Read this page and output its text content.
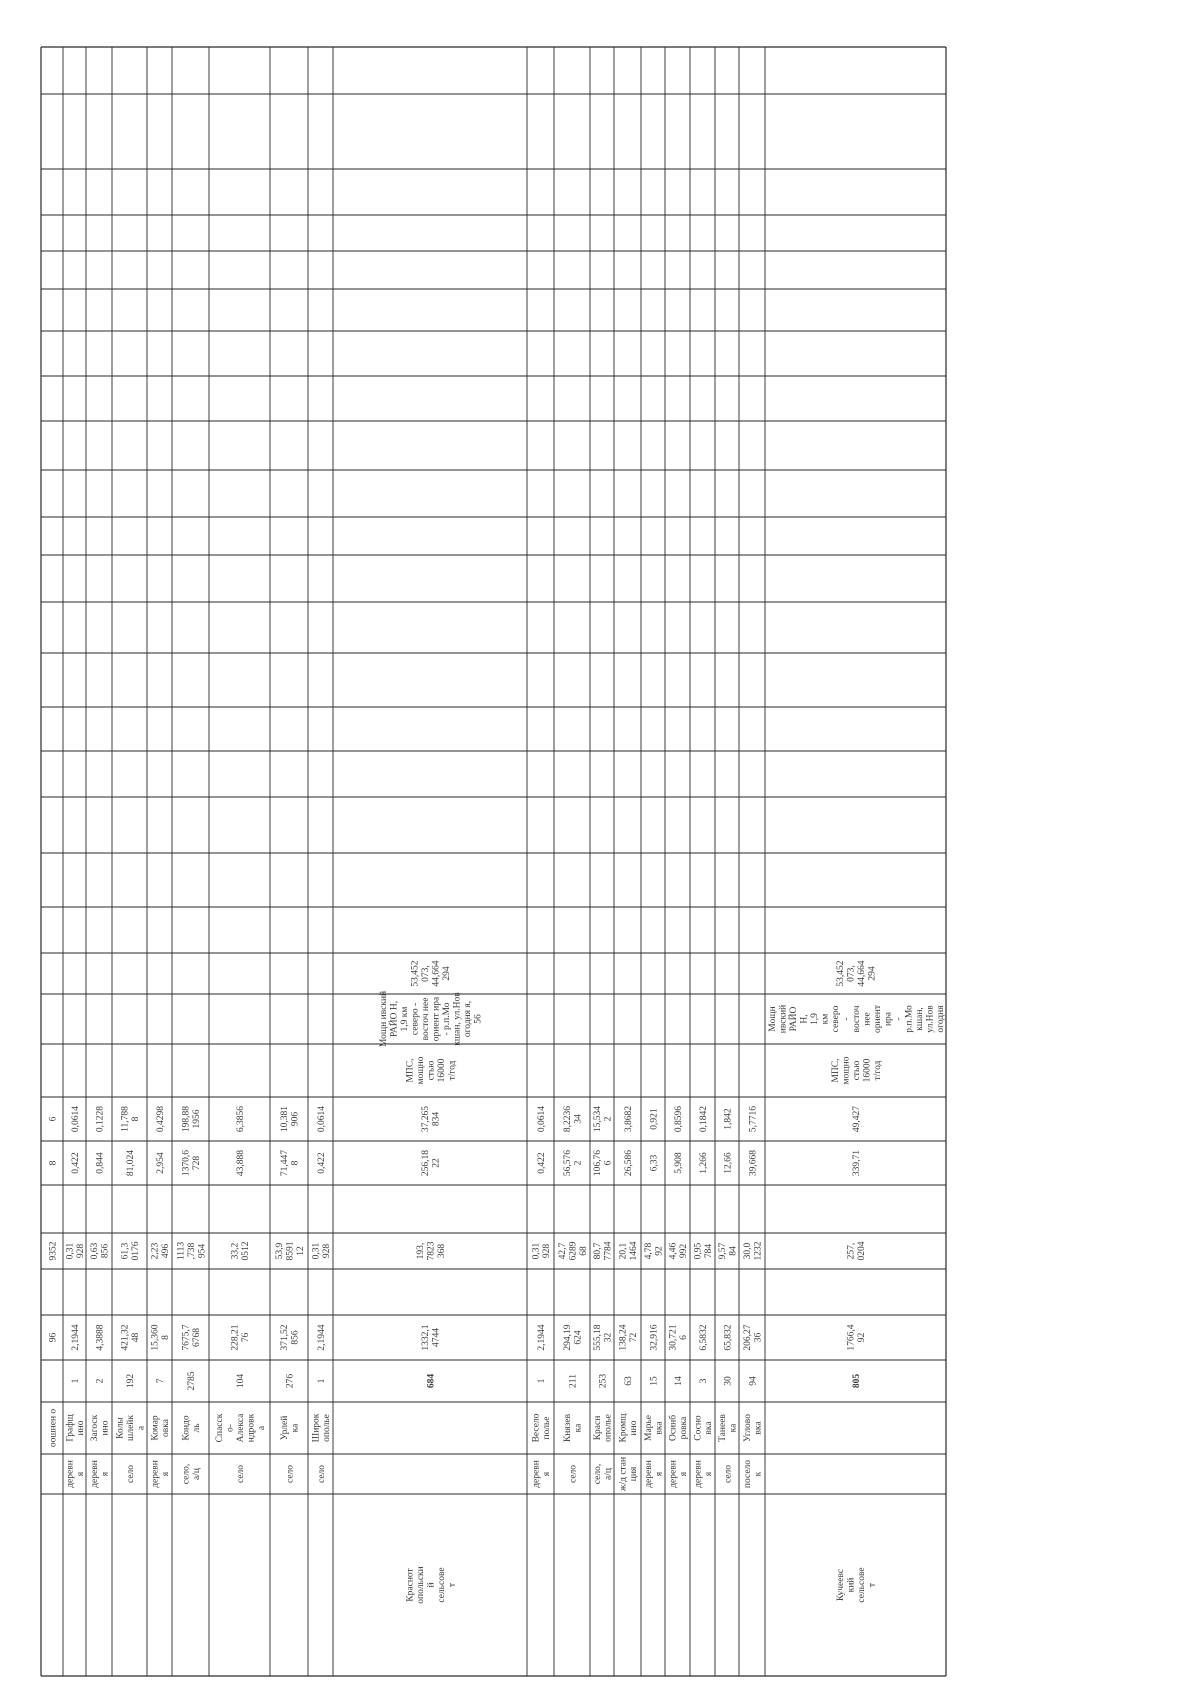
оошнен о
96
9352
8
6
деревня
Графщино
1
2,1944
0,31928
0,422
0,0614
деревня
Загоскино
2
4,3888
0,63856
0,844
0,1228
село
Колышлейка
192
421,3248
61,30176
81,024
11,7888
деревня
Комаровка
7
15,3608
2,23496
2,954
0,4298
село,а/ц
Кондоль
2785
7675,76768
1113,738954
1370,6728
198,881956
село
Спасско-Александровка
104
228,2176
33,20512
43,888
6,3856
село
Урлейка
276
371,52856
53,9859112
71,4478
10,381906
село
Шиpoкополье
1
2,1944
0,31928
0,422
0,0614
Краснотопольскийсельсовет
684
1332,14744
193,7823368
256,1822
37,265834
МПС,мощностью16000т/год
Мощн ивскийРАЙО Н,1,9 кмсеверо -восточ нееориент ира- р.п.Мокшан, ул.Новогодня я,56
53,452073,44,664294
деревня
Веселополье
1
2,1944
0,31928
0,422
0,0614
село
Князевка
211
294,19624
42,7628968
56,5762
8,223634
село,а/ц
Краснополье
253
555,1832
80,77784
106,766
15,5342
ж/д станция
Кромщино
63
138,2472
20,11464
26,586
3,8682
деревня
Марьевка
15
32,916
4,7892
6,33
0,921
деревня
Осинбровка
14
30,7216
4,46992
5,908
0,8596
деревня
Сосновка
3
6,5832
0,95784
1,266
0,1842
село
Танеевка
30
65,832
9,5784
12,66
1,842
поселок
Углововка
94
206,2736
30,01232
39,668
5,7716
Кучеевскийсельсовет
805
1766,492
257,0204
339,71
49,427
МПС,мощностью16000т/год
МощнивскийРАЙОН,1,9кмсеверо-восточнееориентира-р.п.Мокшан,ул.Новогодня
53,452073,44,664294
